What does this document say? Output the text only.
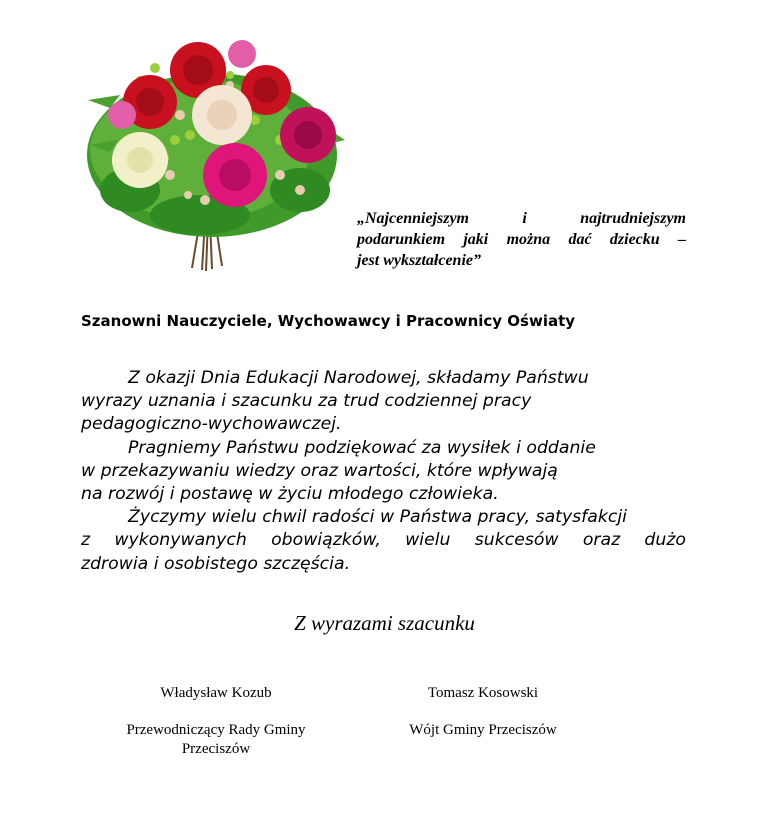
„Najcenniejszym i najtrudniejszym
podarunkiem jaki można dać dziecku –
jest wykształcenie”
Szanowni Nauczyciele, Wychowawcy i Pracownicy Oświaty
Z okazji Dnia Edukacji Narodowej, składamy Państwu
wyrazy uznania i szacunku za trud codziennej pracy
pedagogiczno-wychowawczej.
Pragniemy Państwu podziękować za wysiłek i oddanie
w przekazywaniu wiedzy oraz wartości, które wpływają
na rozwój i postawę w życiu młodego człowieka.
Życzymy wielu chwil radości w Państwa pracy, satysfakcji
z wykonywanych obowiązków, wielu sukcesów oraz dużo
zdrowia i osobistego szczęścia.
Z wyrazami szacunku
Władysław Kozub
Przewodniczący Rady Gminy Przeciszów
Tomasz Kosowski
Wójt Gminy Przeciszów
